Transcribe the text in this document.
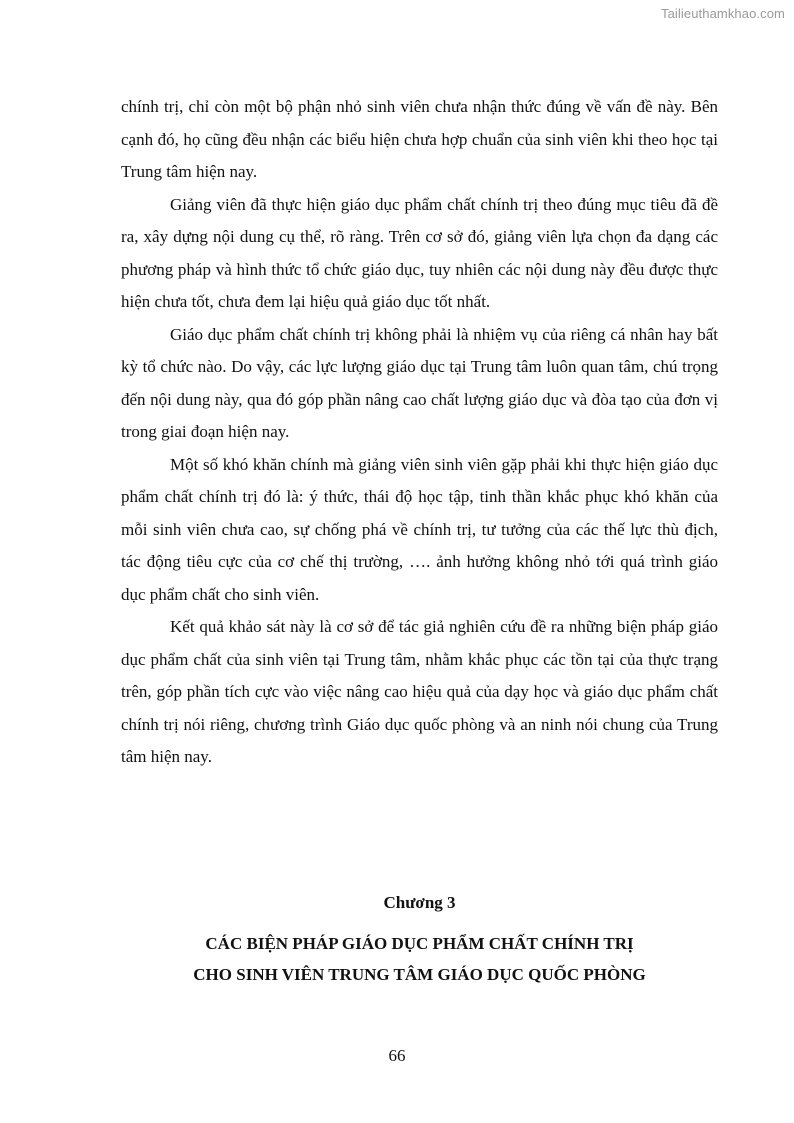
Tailieuthamkhao.com

chính trị, chỉ còn một bộ phận nhỏ sinh viên chưa nhận thức đúng về vấn đề này. Bên cạnh đó, họ cũng đều nhận các biểu hiện chưa hợp chuẩn của sinh viên khi theo học tại Trung tâm hiện nay.

Giảng viên đã thực hiện giáo dục phẩm chất chính trị theo đúng mục tiêu đã đề ra, xây dựng nội dung cụ thể, rõ ràng. Trên cơ sở đó, giảng viên lựa chọn đa dạng các phương pháp và hình thức tổ chức giáo dục, tuy nhiên các nội dung này đều được thực hiện chưa tốt, chưa đem lại hiệu quả giáo dục tốt nhất.

Giáo dục phẩm chất chính trị không phải là nhiệm vụ của riêng cá nhân hay bất kỳ tổ chức nào. Do vậy, các lực lượng giáo dục tại Trung tâm luôn quan tâm, chú trọng đến nội dung này, qua đó góp phần nâng cao chất lượng giáo dục và đòa tạo của đơn vị trong giai đoạn hiện nay.

Một số khó khăn chính mà giảng viên sinh viên gặp phải khi thực hiện giáo dục phẩm chất chính trị đó là: ý thức, thái độ học tập, tinh thần khắc phục khó khăn của mỗi sinh viên chưa cao, sự chống phá về chính trị, tư tưởng của các thế lực thù địch, tác động tiêu cực của cơ chế thị trường, …. ảnh hưởng không nhỏ tới quá trình giáo dục phẩm chất cho sinh viên.

Kết quả khảo sát này là cơ sở để tác giả nghiên cứu đề ra những biện pháp giáo dục phẩm chất của sinh viên tại Trung tâm, nhằm khắc phục các tồn tại của thực trạng trên, góp phần tích cực vào việc nâng cao hiệu quả của dạy học và giáo dục phẩm chất chính trị nói riêng, chương trình Giáo dục quốc phòng và an ninh nói chung của Trung tâm hiện nay.

Chương 3
CÁC BIỆN PHÁP GIÁO DỤC PHẨM CHẤT CHÍNH TRỊ
CHO SINH VIÊN TRUNG TÂM GIÁO DỤC QUỐC PHÒNG
66
